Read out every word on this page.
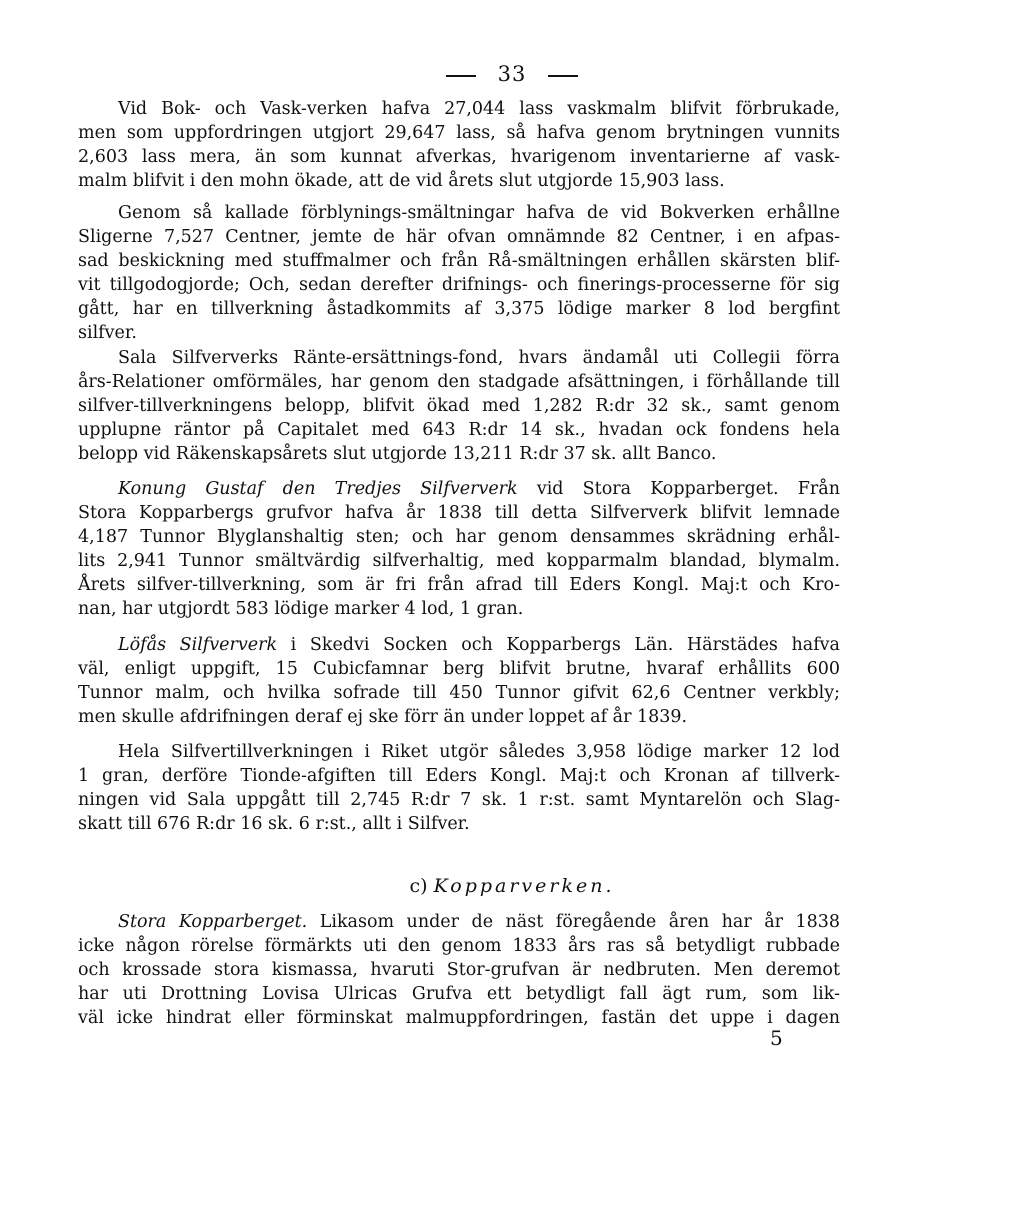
33
Vid Bok- och Vask-verken hafva 27,044 lass vaskmalm blifvit förbrukade,
men som uppfordringen utgjort 29,647 lass, så hafva genom brytningen vunnits
2,603 lass mera, än som kunnat afverkas, hvarigenom inventarierne af vask-
malm blifvit i den mohn ökade, att de vid årets slut utgjorde 15,903 lass.
Genom så kallade förblynings-smältningar hafva de vid Bokverken erhållne
Sligerne 7,527 Centner, jemte de här ofvan omnämnde 82 Centner, i en afpas-
sad beskickning med stuffmalmer och från Rå-smältningen erhållen skärsten blif-
vit tillgodogjorde; Och, sedan derefter drifnings- och finerings-processerne för sig
gått, har en tillverkning åstadkommits af 3,375 lödige marker 8 lod bergfint
silfver.
Sala Silfververks Ränte-ersättnings-fond, hvars ändamål uti Collegii förra
års-Relationer omförmäles, har genom den stadgade afsättningen, i förhållande till
silfver-tillverkningens belopp, blifvit ökad med 1,282 R:dr 32 sk., samt genom
upplupne räntor på Capitalet med 643 R:dr 14 sk., hvadan ock fondens hela
belopp vid Räkenskapsårets slut utgjorde 13,211 R:dr 37 sk. allt Banco.
Konung Gustaf den Tredjes Silfververk vid Stora Kopparberget. Från
Stora Kopparbergs grufvor hafva år 1838 till detta Silfververk blifvit lemnade
4,187 Tunnor Blyglanshaltig sten; och har genom densammes skrädning erhål-
lits 2,941 Tunnor smältvärdig silfverhaltig, med kopparmalm blandad, blymalm.
Årets silfver-tillverkning, som är fri från afrad till Eders Kongl. Maj:t och Kro-
nan, har utgjordt 583 lödige marker 4 lod, 1 gran.
Löfås Silfververk i Skedvi Socken och Kopparbergs Län. Härstädes hafva
väl, enligt uppgift, 15 Cubicfamnar berg blifvit brutne, hvaraf erhållits 600
Tunnor malm, och hvilka sofrade till 450 Tunnor gifvit 62,6 Centner verkbly;
men skulle afdrifningen deraf ej ske förr än under loppet af år 1839.
Hela Silfvertillverkningen i Riket utgör således 3,958 lödige marker 12 lod
1 gran, derföre Tionde-afgiften till Eders Kongl. Maj:t och Kronan af tillverk-
ningen vid Sala uppgått till 2,745 R:dr 7 sk. 1 r:st. samt Myntarelön och Slag-
skatt till 676 R:dr 16 sk. 6 r:st., allt i Silfver.
c) Kopparverken.
Stora Kopparberget. Likasom under de näst föregående åren har år 1838
icke någon rörelse förmärkts uti den genom 1833 års ras så betydligt rubbade
och krossade stora kismassa, hvaruti Stor-grufvan är nedbruten. Men deremot
har uti Drottning Lovisa Ulricas Grufva ett betydligt fall ägt rum, som lik-
väl icke hindrat eller förminskat malmuppfordringen, fastän det uppe i dagen
5
